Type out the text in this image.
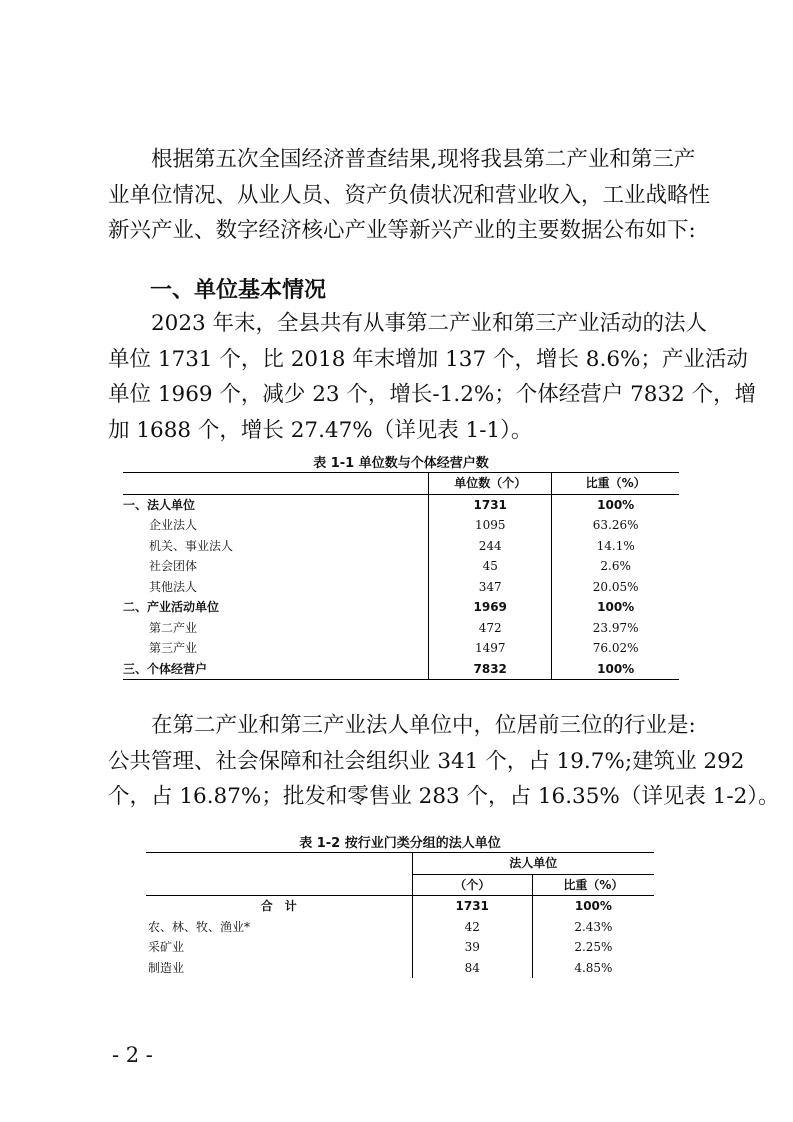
根据第五次全国经济普查结果,现将我县第二产业和第三产
业单位情况、从业人员、资产负债状况和营业收入，工业战略性
新兴产业、数字经济核心产业等新兴产业的主要数据公布如下:
一、单位基本情况
2023 年末，全县共有从事第二产业和第三产业活动的法人
单位 1731 个，比 2018 年末增加 137 个，增长 8.6%；产业活动
单位 1969 个，减少 23 个，增长-1.2%；个体经营户 7832 个，增
加 1688 个，增长 27.47%（详见表 1-1）。

表 1-1 单位数与个体经营户数

	单位数（个）	比重（%）
一、法人单位	1731	100%
企业法人	1095	63.26%
机关、事业法人	244	14.1%
社会团体	45	2.6%
其他法人	347	20.05%
二、产业活动单位	1969	100%
第二产业	472	23.97%
第三产业	1497	76.02%
三、个体经营户	7832	100%
在第二产业和第三产业法人单位中，位居前三位的行业是:
公共管理、社会保障和社会组织业 341 个，占 19.7%;建筑业 292
个，占 16.87%；批发和零售业 283 个，占 16.35%（详见表 1-2）。

表 1-2 按行业门类分组的法人单位

	法人单位	
	（个）	比重（%）
合　计	1731	100%
农、林、牧、渔业*	42	2.43%
采矿业	39	2.25%
制造业	84	4.85%

- 2 -
